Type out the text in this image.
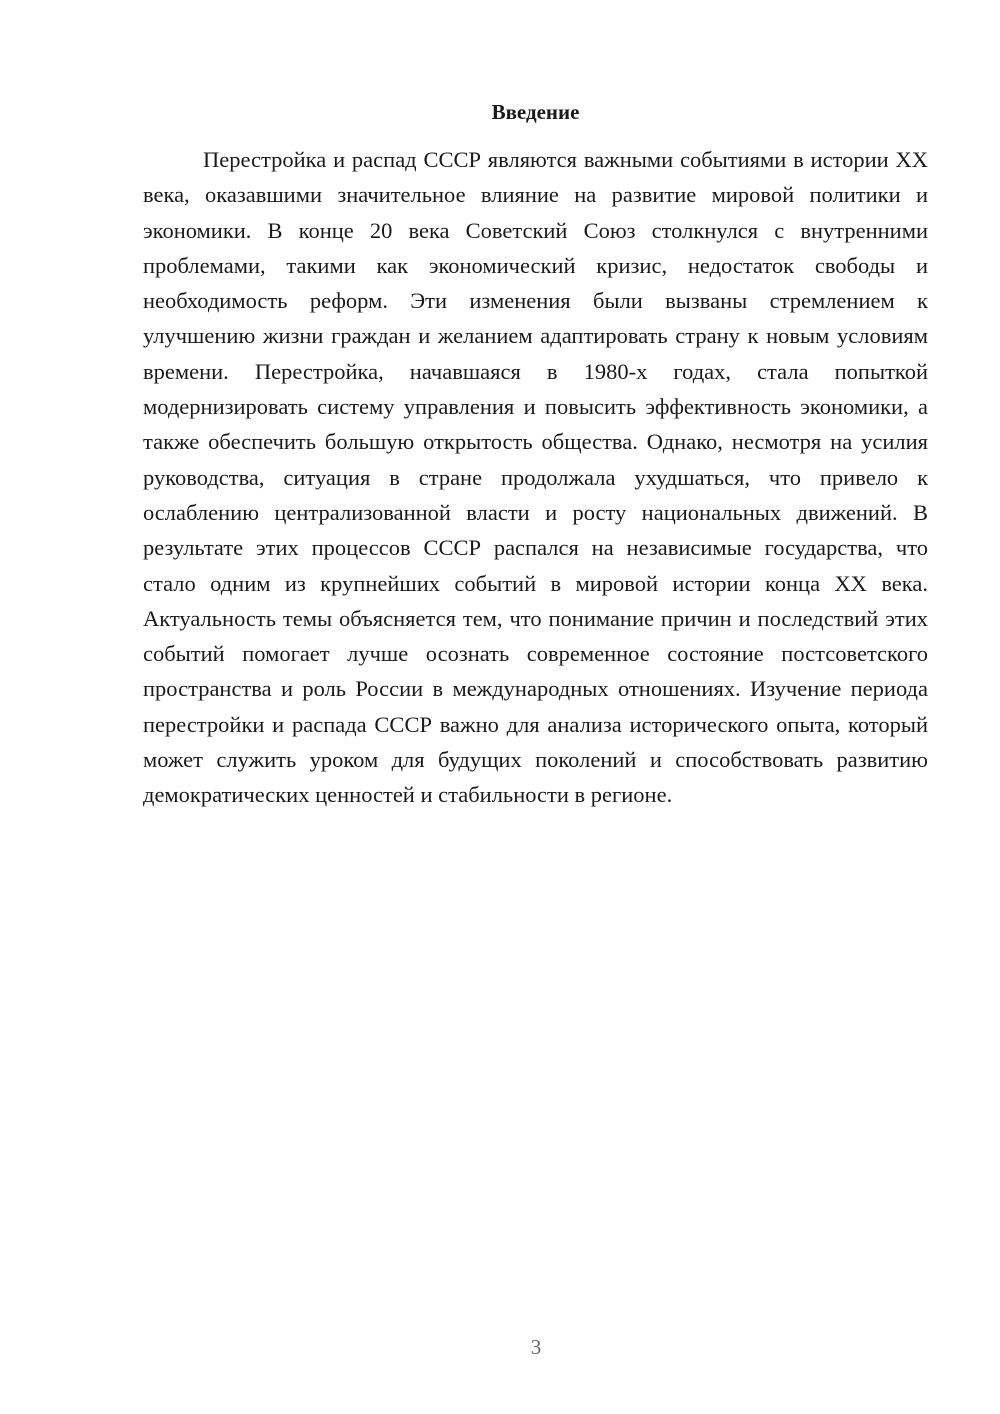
Введение

Перестройка и распад СССР являются важными событиями в истории XX века, оказавшими значительное влияние на развитие мировой политики и экономики. В конце 20 века Советский Союз столкнулся с внутренними проблемами, такими как экономический кризис, недостаток свободы и необходимость реформ. Эти изменения были вызваны стремлением к улучшению жизни граждан и желанием адаптировать страну к новым условиям времени. Перестройка, начавшаяся в 1980-х годах, стала попыткой модернизировать систему управления и повысить эффективность экономики, а также обеспечить большую открытость общества. Однако, несмотря на усилия руководства, ситуация в стране продолжала ухудшаться, что привело к ослаблению централизованной власти и росту национальных движений. В результате этих процессов СССР распался на независимые государства, что стало одним из крупнейших событий в мировой истории конца XX века. Актуальность темы объясняется тем, что понимание причин и последствий этих событий помогает лучше осознать современное состояние постсоветского пространства и роль России в международных отношениях. Изучение периода перестройки и распада СССР важно для анализа исторического опыта, который может служить уроком для будущих поколений и способствовать развитию демократических ценностей и стабильности в регионе.

3
